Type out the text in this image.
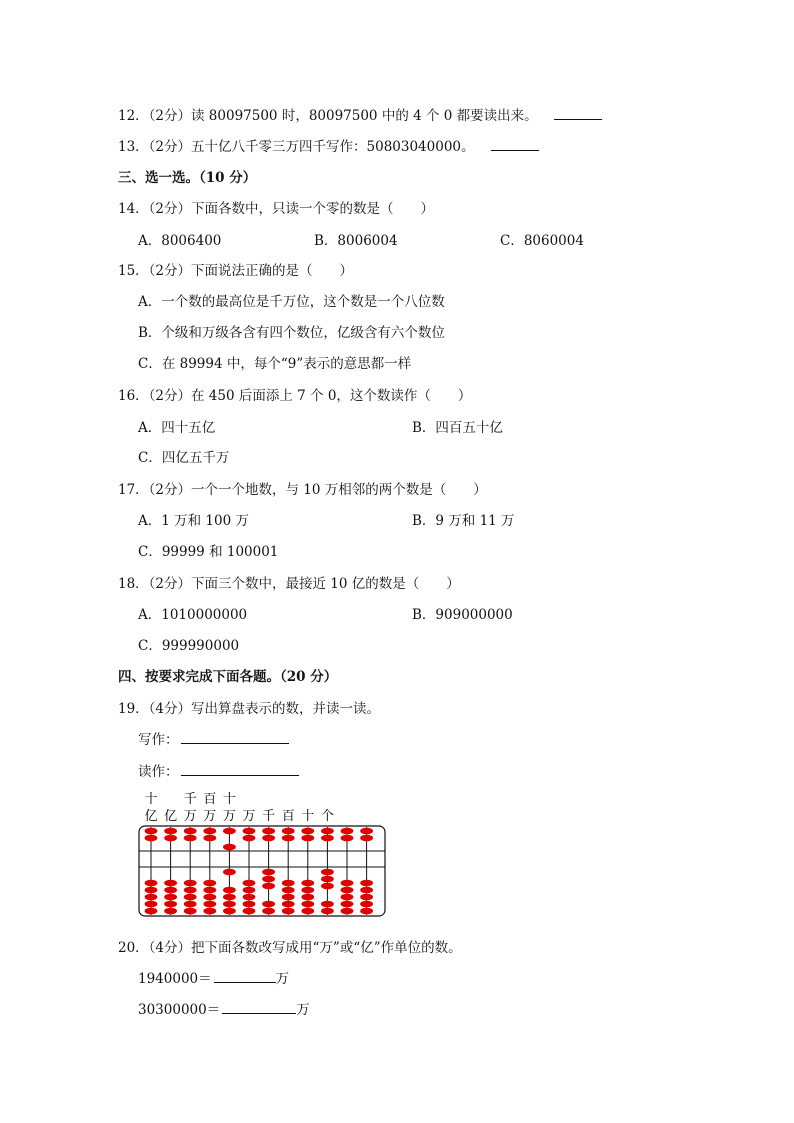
12．（2分）读 80097500 时，80097500 中的 4 个 0 都要读出来。
13．（2分）五十亿八千零三万四千写作：50803040000。
三、选一选。（10 分）
14．（2分）下面各数中，只读一个零的数是（　　）
A．8006400	B．8006004	C．8060004
15．（2分）下面说法正确的是（　　）
A．一个数的最高位是千万位，这个数是一个八位数
B．个级和万级各含有四个数位，亿级含有六个数位
C．在 89994 中，每个“9”表示的意思都一样
16．（2分）在 450 后面添上 7 个 0，这个数读作（　　）
A．四十五亿	B．四百五十亿
C．四亿五千万
17．（2分）一个一个地数，与 10 万相邻的两个数是（　　）
A．1 万和 100 万	B．9 万和 11 万
C．99999 和 100001
18．（2分）下面三个数中，最接近 10 亿的数是（　　）
A．1010000000	B．909000000
C．999990000
四、按要求完成下面各题。（20 分）
19．（4分）写出算盘表示的数，并读一读。
写作：
读作：
十 千 百 十
亿 亿 万 万 万 万 千 百 十 个
20．（4分）把下面各数改写成用“万”或“亿”作单位的数。
1940000＝	万
30300000＝	万
